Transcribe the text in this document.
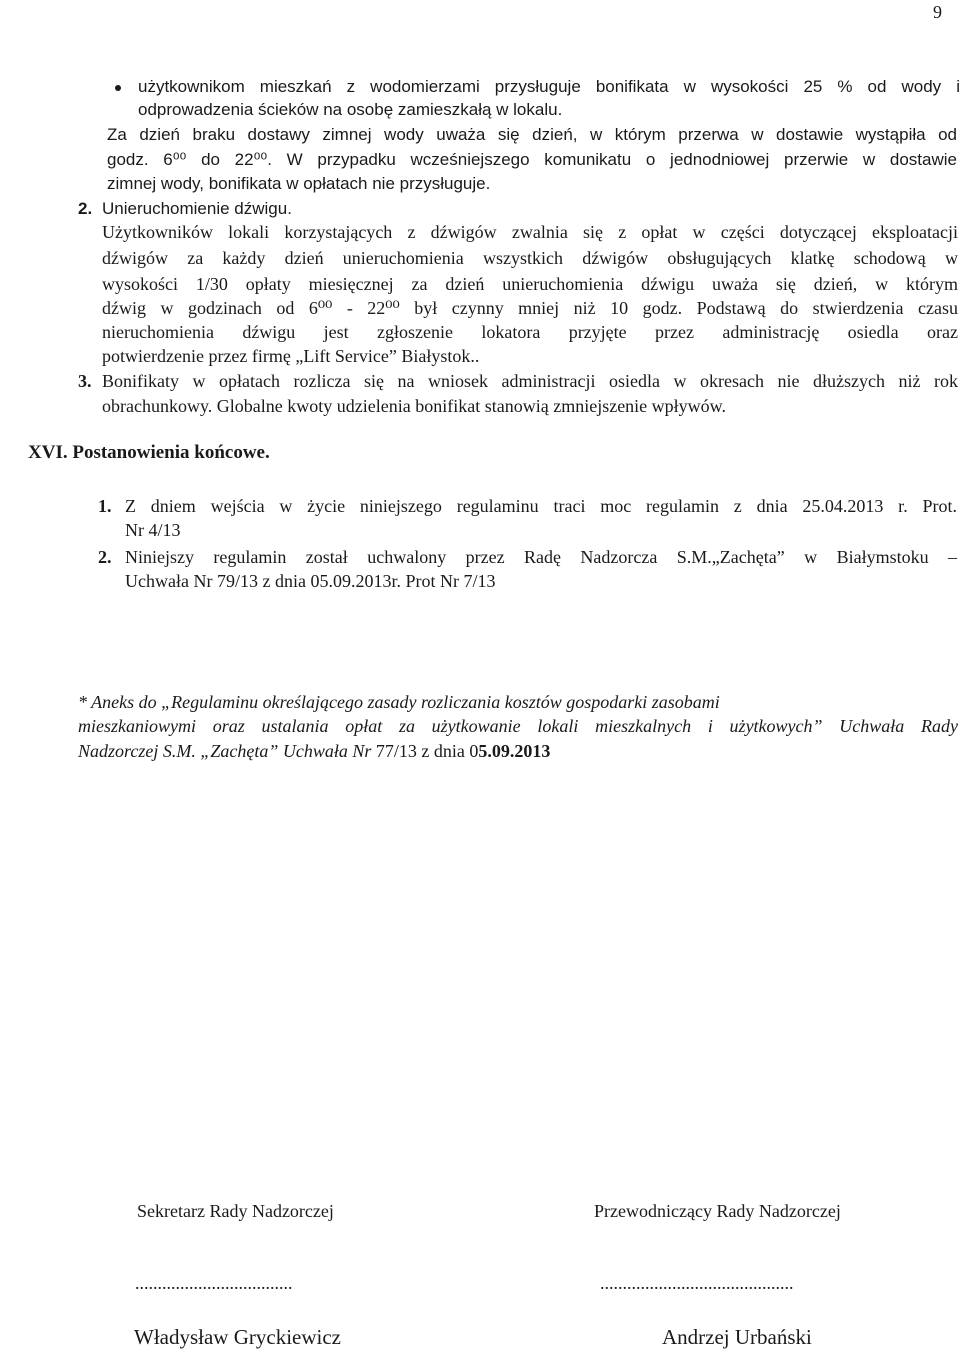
9
użytkownikom mieszkań z wodomierzami przysługuje bonifikata w wysokości 25 % od wody i
odprowadzenia ścieków na osobę zamieszkałą w lokalu.
Za dzień braku dostawy zimnej wody uważa się dzień, w którym przerwa w dostawie wystąpiła od
godz. 6⁰⁰ do 22⁰⁰. W przypadku wcześniejszego komunikatu o jednodniowej przerwie w dostawie
zimnej wody, bonifikata w opłatach nie przysługuje.
2. Unieruchomienie dźwigu.
Użytkowników lokali korzystających z dźwigów zwalnia się z opłat w części dotyczącej eksploatacji
dźwigów za każdy dzień unieruchomienia wszystkich dźwigów obsługujących klatkę schodową w
wysokości 1/30 opłaty miesięcznej za dzień unieruchomienia dźwigu uważa się dzień, w którym
dźwig w godzinach od 6⁰⁰ - 22⁰⁰ był czynny mniej niż 10 godz. Podstawą do stwierdzenia czasu
nieruchomienia dźwigu jest zgłoszenie lokatora przyjęte przez administrację osiedla oraz
potwierdzenie przez firmę „Lift Service” Białystok..
3. Bonifikaty w opłatach rozlicza się na wniosek administracji osiedla w okresach nie dłuższych niż rok
obrachunkowy. Globalne kwoty udzielenia bonifikat stanowią zmniejszenie wpływów.
XVI. Postanowienia końcowe.
1. Z dniem wejścia w życie niniejszego regulaminu traci moc regulamin z dnia 25.04.2013 r. Prot.
Nr 4/13
2. Niniejszy regulamin został uchwalony przez Radę Nadzorcza S.M.„Zachęta” w Białymstoku –
Uchwała Nr 79/13 z dnia 05.09.2013r. Prot Nr 7/13
* Aneks do „Regulaminu określającego zasady rozliczania kosztów gospodarki zasobami
mieszkaniowymi oraz ustalania opłat za użytkowanie lokali mieszkalnych i użytkowych” Uchwała Rady
Nadzorczej S.M. „Zachęta” Uchwała Nr 77/13 z dnia 05.09.2013
Sekretarz Rady Nadzorczej	Przewodniczący Rady Nadzorczej
...................................	...........................................
Władysław Gryckiewicz	Andrzej Urbański
